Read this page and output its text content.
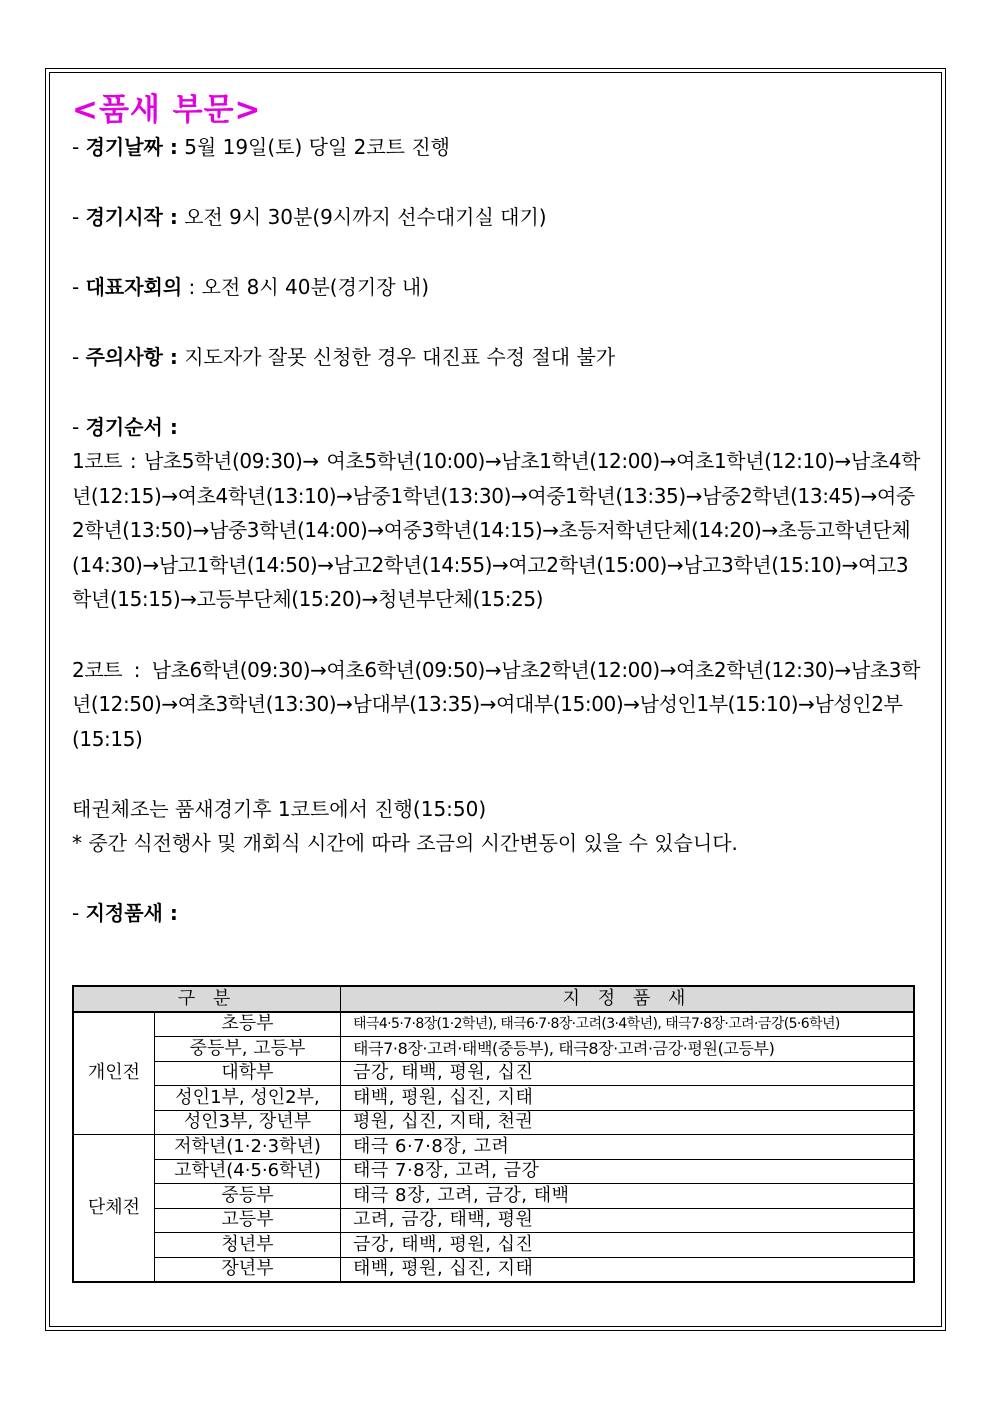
<품새 부문>

- 경기날짜 : 5월 19일(토) 당일 2코트 진행

- 경기시작 : 오전 9시 30분(9시까지 선수대기실 대기)

- 대표자회의 : 오전 8시 40분(경기장 내)

- 주의사항 : 지도자가 잘못 신청한 경우 대진표 수정 절대 불가

- 경기순서 :

1코트 : 남초5학년(09:30)→ 여초5학년(10:00)→남초1학년(12:00)→여초1학년(12:10)→남초4학년(12:15)→여초4학년(13:10)→남중1학년(13:30)→여중1학년(13:35)→남중2학년(13:45)→여중2학년(13:50)→남중3학년(14:00)→여중3학년(14:15)→초등저학년단체(14:20)→초등고학년단체(14:30)→남고1학년(14:50)→남고2학년(14:55)→여고2학년(15:00)→남고3학년(15:10)→여고3학년(15:15)→고등부단체(15:20)→청년부단체(15:25)

2코트 : 남초6학년(09:30)→여초6학년(09:50)→남초2학년(12:00)→여초2학년(12:30)→남초3학년(12:50)→여초3학년(13:30)→남대부(13:35)→여대부(15:00)→남성인1부(15:10)→남성인2부(15:15)

태권체조는 품새경기후 1코트에서 진행(15:50)

* 중간 식전행사 및 개회식 시간에 따라 조금의 시간변동이 있을 수 있습니다.

- 지정품새 :

구 분		지 정 품 새
개인전	초등부	태극4·5·7·8장(1·2학년), 태극6·7·8장·고려(3·4학년), 태극7·8장·고려·금강(5·6학년)
	중등부, 고등부	태극7·8장·고려·태백(중등부), 태극8장·고려·금강·평원(고등부)
	대학부	금강, 태백, 평원, 십진
	성인1부, 성인2부,	태백, 평원, 십진, 지태
	성인3부, 장년부	평원, 십진, 지태, 천권
단체전	저학년(1·2·3학년)	태극 6·7·8장, 고려
	고학년(4·5·6학년)	태극 7·8장, 고려, 금강
	중등부	태극 8장, 고려, 금강, 태백
	고등부	고려, 금강, 태백, 평원
	청년부	금강, 태백, 평원, 십진
	장년부	태백, 평원, 십진, 지태
